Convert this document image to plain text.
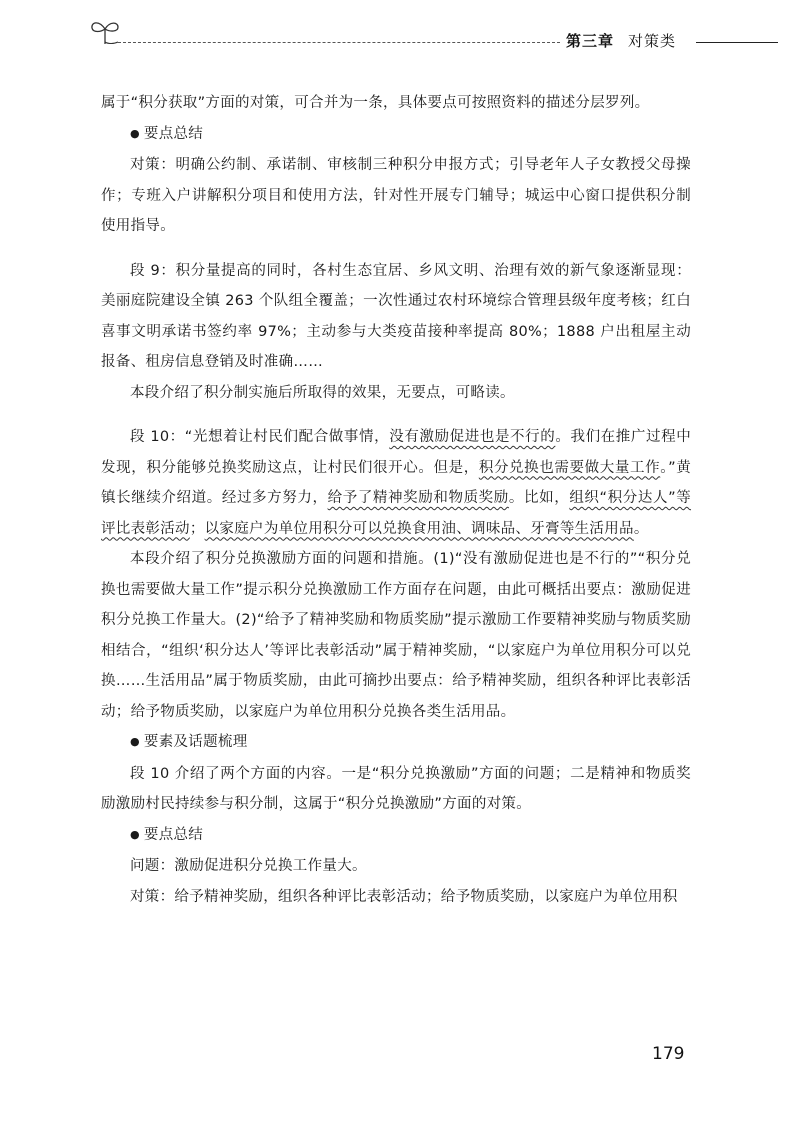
第三章 对策类

属于“积分获取”方面的对策，可合并为一条，具体要点可按照资料的描述分层罗列。

● 要点总结

对策：明确公约制、承诺制、审核制三种积分申报方式；引导老年人子女教授父母操作；专班入户讲解积分项目和使用方法，针对性开展专门辅导；城运中心窗口提供积分制使用指导。

段 9：积分量提高的同时，各村生态宜居、乡风文明、治理有效的新气象逐渐显现：美丽庭院建设全镇 263 个队组全覆盖；一次性通过农村环境综合管理县级年度考核；红白喜事文明承诺书签约率 97%；主动参与大类疫苗接种率提高 80%；1888 户出租屋主动报备、租房信息登销及时准确……

本段介绍了积分制实施后所取得的效果，无要点，可略读。

段 10：“光想着让村民们配合做事情，没有激励促进也是不行的。我们在推广过程中发现，积分能够兑换奖励这点，让村民们很开心。但是，积分兑换也需要做大量工作。”黄镇长继续介绍道。经过多方努力，给予了精神奖励和物质奖励。比如，组织“积分达人”等评比表彰活动；以家庭户为单位用积分可以兑换食用油、调味品、牙膏等生活用品。

本段介绍了积分兑换激励方面的问题和措施。(1)“没有激励促进也是不行的”“积分兑换也需要做大量工作”提示积分兑换激励工作方面存在问题，由此可概括出要点：激励促进积分兑换工作量大。(2)“给予了精神奖励和物质奖励”提示激励工作要精神奖励与物质奖励相结合，“组织‘积分达人’等评比表彰活动”属于精神奖励，“以家庭户为单位用积分可以兑换……生活用品”属于物质奖励，由此可摘抄出要点：给予精神奖励，组织各种评比表彰活动；给予物质奖励，以家庭户为单位用积分兑换各类生活用品。

● 要素及话题梳理

段 10 介绍了两个方面的内容。一是“积分兑换激励”方面的问题；二是精神和物质奖励激励村民持续参与积分制，这属于“积分兑换激励”方面的对策。

● 要点总结

问题：激励促进积分兑换工作量大。

对策：给予精神奖励，组织各种评比表彰活动；给予物质奖励，以家庭户为单位用积

179
